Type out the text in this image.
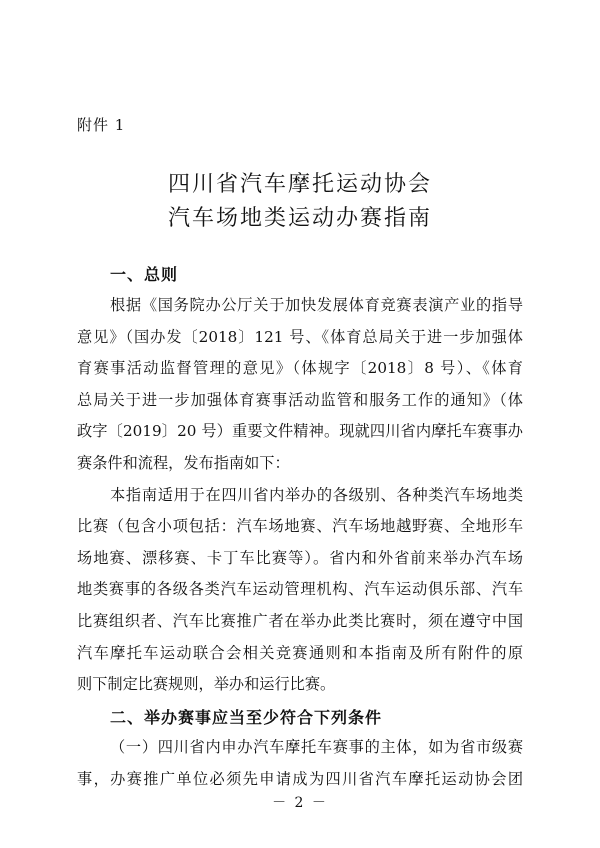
附件 1
四川省汽车摩托运动协会
汽车场地类运动办赛指南
一、总则
根据《国务院办公厅关于加快发展体育竞赛表演产业的指导
意见》（国办发〔2018〕121 号、《体育总局关于进一步加强体
育赛事活动监督管理的意见》（体规字〔2018〕8 号）、《体育
总局关于进一步加强体育赛事活动监管和服务工作的通知》（体
政字〔2019〕20 号）重要文件精神。现就四川省内摩托车赛事办
赛条件和流程，发布指南如下：
本指南适用于在四川省内举办的各级别、各种类汽车场地类
比赛（包含小项包括：汽车场地赛、汽车场地越野赛、全地形车
场地赛、漂移赛、卡丁车比赛等）。省内和外省前来举办汽车场
地类赛事的各级各类汽车运动管理机构、汽车运动俱乐部、汽车
比赛组织者、汽车比赛推广者在举办此类比赛时，须在遵守中国
汽车摩托车运动联合会相关竞赛通则和本指南及所有附件的原
则下制定比赛规则，举办和运行比赛。
二、举办赛事应当至少符合下列条件
（一）四川省内申办汽车摩托车赛事的主体，如为省市级赛
事，办赛推广单位必须先申请成为四川省汽车摩托运动协会团
－ 2 －
